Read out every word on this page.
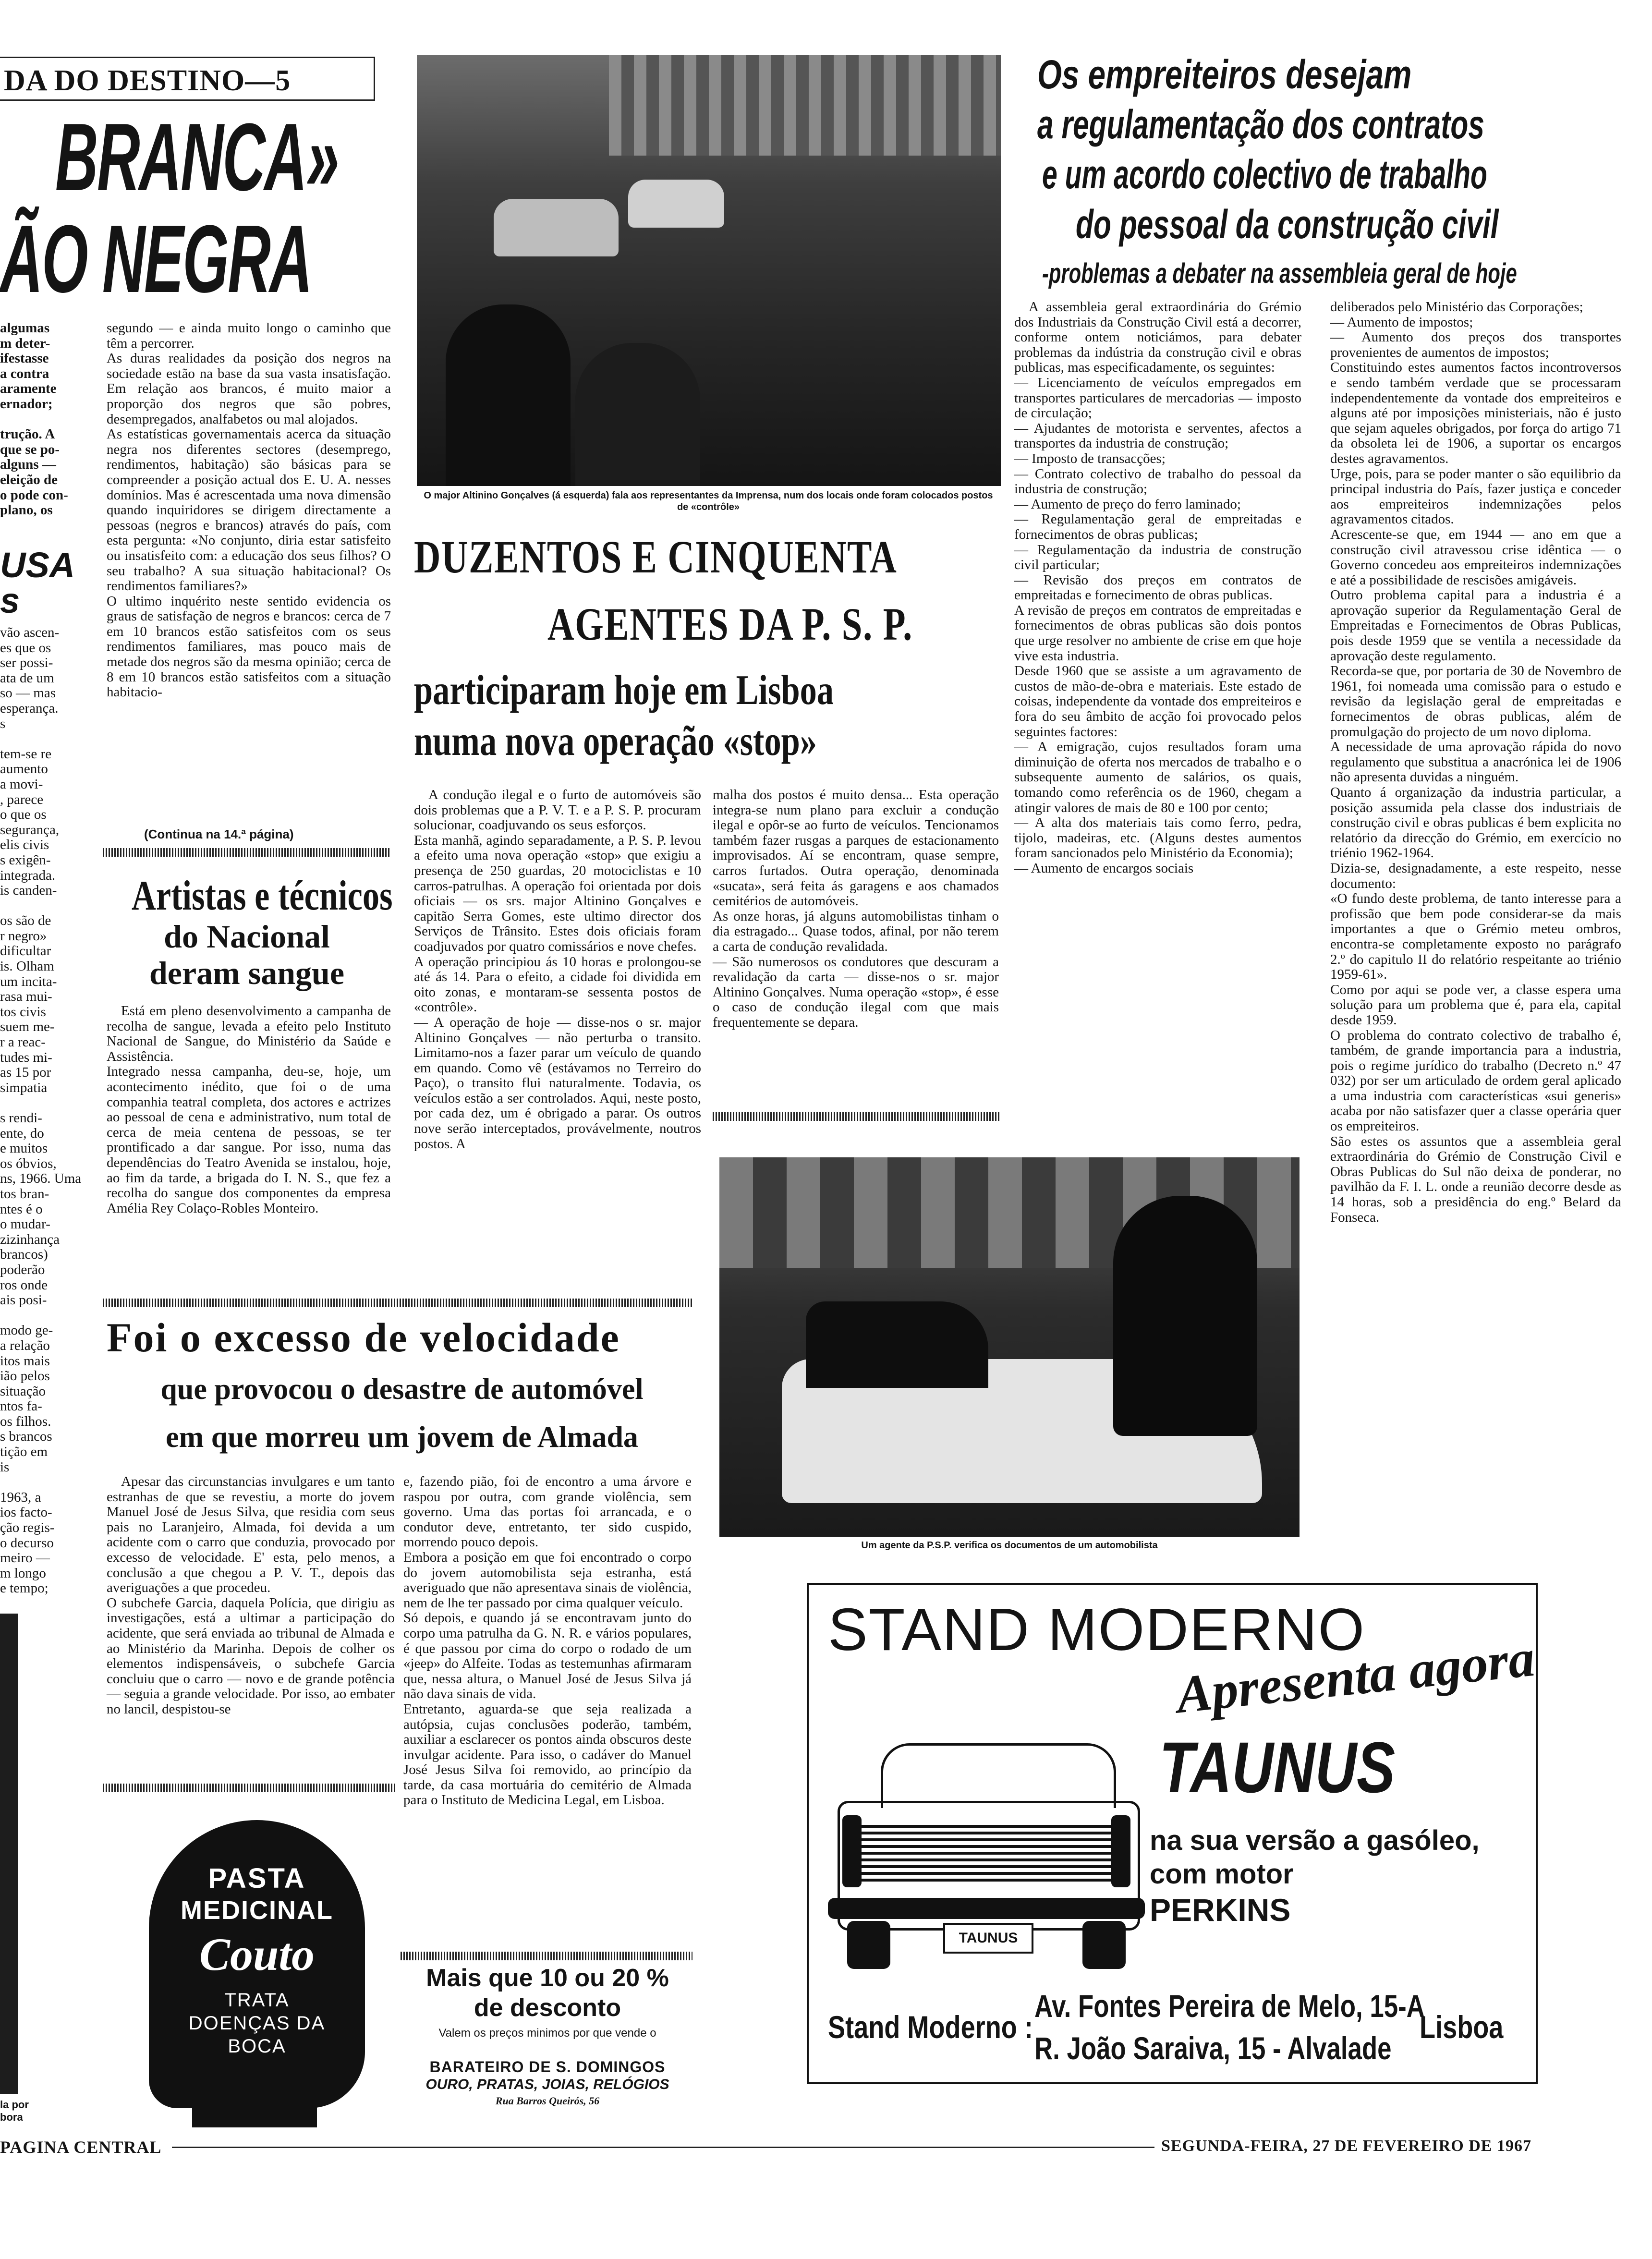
DA DO DESTINO—5
BRANCA»
ÃO NEGRA

algumas
m deter-
ifestasse
a contra
aramente
ernador;

trução. A
que se po-
alguns —
eleição de
o pode con-
plano, os

USA
s

vão ascen-
es que os
ser possi-
ata de um
so — mas
esperança.
s

tem-se re
aumento
a movi-
, parece
o que os
segurança,
elis civis
s exigên-
integrada.
is canden-

os são de
r negro»
dificultar
is. Olham
um incita-
rasa mui-
tos civis
suem me-
r a reac-
tudes mi-
as 15 por
simpatia

s rendi-
ente, do
e muitos
os óbvios,
ns, 1966. Uma
tos bran-
ntes é o
o mudar-
zizinhança
brancos)
poderão
ros onde
ais posi-

modo ge-
a relação
itos mais
ião pelos
situação
ntos fa-
os filhos.
s brancos
tição em
is

1963, a
ios facto-
ção regis-
o decurso
meiro —
m longo
e tempo;

la por
bora

segundo — e ainda muito longo o caminho que têm a percorrer.
As duras realidades da posição dos negros na sociedade estão na base da sua vasta insatisfação. Em relação aos brancos, é muito maior a proporção dos negros que são pobres, desempregados, analfabetos ou mal alojados.
As estatísticas governamentais acerca da situação negra nos diferentes sectores (desemprego, rendimentos, habitação) são básicas para se compreender a posição actual dos E. U. A. nesses domínios. Mas é acrescentada uma nova dimensão quando inquiridores se dirigem directamente a pessoas (negros e brancos) através do país, com esta pergunta: «No conjunto, diria estar satisfeito ou insatisfeito com: a educação dos seus filhos? O seu trabalho? A sua situação habitacional? Os rendimentos familiares?»
O ultimo inquérito neste sentido evidencia os graus de satisfação de negros e brancos: cerca de 7 em 10 brancos estão satisfeitos com os seus rendimentos familiares, mas pouco mais de metade dos negros são da mesma opinião; cerca de 8 em 10 brancos estão satisfeitos com a situação habitacio-

(Continua na 14.ª página)
Artistas e técnicos
do Nacional
deram sangue

Está em pleno desenvolvimento a campanha de recolha de sangue, levada a efeito pelo Instituto Nacional de Sangue, do Ministério da Saúde e Assistência.
Integrado nessa campanha, deu-se, hoje, um acontecimento inédito, que foi o de uma companhia teatral completa, dos actores e actrizes ao pessoal de cena e administrativo, num total de cerca de meia centena de pessoas, se ter prontificado a dar sangue. Por isso, numa das dependências do Teatro Avenida se instalou, hoje, ao fim da tarde, a brigada do I. N. S., que fez a recolha do sangue dos componentes da empresa Amélia Rey Colaço-Robles Monteiro.

O major Altinino Gonçalves (á esquerda) fala aos representantes da Imprensa, num dos locais onde foram colocados postos de «contrôle»
DUZENTOS E CINQUENTA
AGENTES DA P. S. P.
participaram hoje em Lisboa
numa nova operação «stop»

A condução ilegal e o furto de automóveis são dois problemas que a P. V. T. e a P. S. P. procuram solucionar, coadjuvando os seus esforços.
Esta manhã, agindo separadamente, a P. S. P. levou a efeito uma nova operação «stop» que exigiu a presença de 250 guardas, 20 motociclistas e 10 carros-patrulhas. A operação foi orientada por dois oficiais — os srs. major Altinino Gonçalves e capitão Serra Gomes, este ultimo director dos Serviços de Trânsito. Estes dois oficiais foram coadjuvados por quatro comissários e nove chefes.
A operação principiou ás 10 horas e prolongou-se até ás 14. Para o efeito, a cidade foi dividida em oito zonas, e montaram-se sessenta postos de «contrôle».
— A operação de hoje — disse-nos o sr. major Altinino Gonçalves — não perturba o transito. Limitamo-nos a fazer parar um veículo de quando em quando. Como vê (estávamos no Terreiro do Paço), o transito flui naturalmente. Todavia, os veículos estão a ser controlados. Aqui, neste posto, por cada dez, um é obrigado a parar. Os outros nove serão interceptados, provávelmente, noutros postos. A

malha dos postos é muito densa... Esta operação integra-se num plano para excluir a condução ilegal e opôr-se ao furto de veículos. Tencionamos também fazer rusgas a parques de estacionamento improvisados. Aí se encontram, quase sempre, carros furtados. Outra operação, denominada «sucata», será feita ás garagens e aos chamados cemitérios de automóveis.
As onze horas, já alguns automobilistas tinham o dia estragado... Quase todos, afinal, por não terem a carta de condução revalidada.
— São numerosos os condutores que descuram a revalidação da carta — disse-nos o sr. major Altinino Gonçalves. Numa operação «stop», é esse o caso de condução ilegal com que mais frequentemente se depara.

Foi o excesso de velocidade
que provocou o desastre de automóvel
em que morreu um jovem de Almada

Apesar das circunstancias invulgares e um tanto estranhas de que se revestiu, a morte do jovem Manuel José de Jesus Silva, que residia com seus pais no Laranjeiro, Almada, foi devida a um acidente com o carro que conduzia, provocado por excesso de velocidade. E' esta, pelo menos, a conclusão a que chegou a P. V. T., depois das averiguações a que procedeu.
O subchefe Garcia, daquela Polícia, que dirigiu as investigações, está a ultimar a participação do acidente, que será enviada ao tribunal de Almada e ao Ministério da Marinha. Depois de colher os elementos indispensáveis, o subchefe Garcia concluiu que o carro — novo e de grande potência — seguia a grande velocidade. Por isso, ao embater no lancil, despistou-se

e, fazendo pião, foi de encontro a uma árvore e raspou por outra, com grande violência, sem governo. Uma das portas foi arrancada, e o condutor deve, entretanto, ter sido cuspido, morrendo pouco depois.
Embora a posição em que foi encontrado o corpo do jovem automobilista seja estranha, está averiguado que não apresentava sinais de violência, nem de lhe ter passado por cima qualquer veículo.
Só depois, e quando já se encontravam junto do corpo uma patrulha da G. N. R. e vários populares, é que passou por cima do corpo o rodado de um «jeep» do Alfeite. Todas as testemunhas afirmaram que, nessa altura, o Manuel José de Jesus Silva já não dava sinais de vida.
Entretanto, aguarda-se que seja realizada a autópsia, cujas conclusões poderão, também, auxiliar a esclarecer os pontos ainda obscuros deste invulgar acidente. Para isso, o cadáver do Manuel José Jesus Silva foi removido, ao princípio da tarde, da casa mortuária do cemitério de Almada para o Instituto de Medicina Legal, em Lisboa.

PASTA
MEDICINAL
Couto
TRATA
DOENÇAS DA
BOCA
Mais que 10 ou 20 %
de desconto
Valem os preços minimos por que vende o
BARATEIRO DE S. DOMINGOS
OURO, PRATAS, JOIAS, RELÓGIOS
Rua Barros Queirós, 56
Os empreiteiros desejam
a regulamentação dos contratos
e um acordo colectivo de trabalho
do pessoal da construção civil
-problemas a debater na assembleia geral de hoje

A assembleia geral extraordinária do Grémio dos Industriais da Construção Civil está a decorrer, conforme ontem noticiámos, para debater problemas da indústria da construção civil e obras publicas, mas especificadamente, os seguintes:
— Licenciamento de veículos empregados em transportes particulares de mercadorias — imposto de circulação;
— Ajudantes de motorista e serventes, afectos a transportes da industria de construção;
— Imposto de transacções;
— Contrato colectivo de trabalho do pessoal da industria de construção;
— Aumento de preço do ferro laminado;
— Regulamentação geral de empreitadas e fornecimentos de obras publicas;
— Regulamentação da industria de construção civil particular;
— Revisão dos preços em contratos de empreitadas e fornecimento de obras publicas.
A revisão de preços em contratos de empreitadas e fornecimentos de obras publicas são dois pontos que urge resolver no ambiente de crise em que hoje vive esta industria.
Desde 1960 que se assiste a um agravamento de custos de mão-de-obra e materiais. Este estado de coisas, independente da vontade dos empreiteiros e fora do seu âmbito de acção foi provocado pelos seguintes factores:
— A emigração, cujos resultados foram uma diminuição de oferta nos mercados de trabalho e o subsequente aumento de salários, os quais, tomando como referência os de 1960, chegam a atingir valores de mais de 80 e 100 por cento;
— A alta dos materiais tais como ferro, pedra, tijolo, madeiras, etc. (Alguns destes aumentos foram sancionados pelo Ministério da Economia);
— Aumento de encargos sociais

deliberados pelo Ministério das Corporações;
— Aumento de impostos;
— Aumento dos preços dos transportes provenientes de aumentos de impostos;
Constituindo estes aumentos factos incontroversos e sendo também verdade que se processaram independentemente da vontade dos empreiteiros e alguns até por imposições ministeriais, não é justo que sejam aqueles obrigados, por força do artigo 71 da obsoleta lei de 1906, a suportar os encargos destes agravamentos.
Urge, pois, para se poder manter o são equilibrio da principal industria do País, fazer justiça e conceder aos empreiteiros indemnizações pelos agravamentos citados.
Acrescente-se que, em 1944 — ano em que a construção civil atravessou crise idêntica — o Governo concedeu aos empreiteiros indemnizações e até a possibilidade de rescisões amigáveis.
Outro problema capital para a industria é a aprovação superior da Regulamentação Geral de Empreitadas e Fornecimentos de Obras Publicas, pois desde 1959 que se ventila a necessidade da aprovação deste regulamento.
Recorda-se que, por portaria de 30 de Novembro de 1961, foi nomeada uma comissão para o estudo e revisão da legislação geral de empreitadas e fornecimentos de obras publicas, além de promulgação do projecto de um novo diploma.
A necessidade de uma aprovação rápida do novo regulamento que substitua a anacrónica lei de 1906 não apresenta duvidas a ninguém.
Quanto á organização da industria particular, a posição assumida pela classe dos industriais de construção civil e obras publicas é bem explicita no relatório da direcção do Grémio, em exercício no triénio 1962-1964.
Dizia-se, designadamente, a este respeito, nesse documento:
«O fundo deste problema, de tanto interesse para a profissão que bem pode considerar-se da mais importantes a que o Grémio meteu ombros, encontra-se completamente exposto no parágrafo 2.º do capitulo II do relatório respeitante ao triénio 1959-61».
Como por aqui se pode ver, a classe espera uma solução para um problema que é, para ela, capital desde 1959.
O problema do contrato colectivo de trabalho é, também, de grande importancia para a industria, pois o regime jurídico do trabalho (Decreto n.º 47 032) por ser um articulado de ordem geral aplicado a uma industria com características «sui generis» acaba por não satisfazer quer a classe operária quer os empreiteiros.
São estes os assuntos que a assembleia geral extraordinária do Grémio de Construção Civil e Obras Publicas do Sul não deixa de ponderar, no pavilhão da F. I. L. onde a reunião decorre desde as 14 horas, sob a presidência do eng.º Belard da Fonseca.

Um agente da P.S.P. verifica os documentos de um automobilista
STAND MODERNO
Apresenta agora
TAUNUS
TAUNUS
na sua versão a gasóleo,
com motor
PERKINS
Stand Moderno :
Av. Fontes Pereira de Melo, 15-A
R. João Saraiva, 15 - Alvalade
Lisboa
PAGINA CENTRAL	SEGUNDA-FEIRA, 27 DE FEVEREIRO DE 1967
